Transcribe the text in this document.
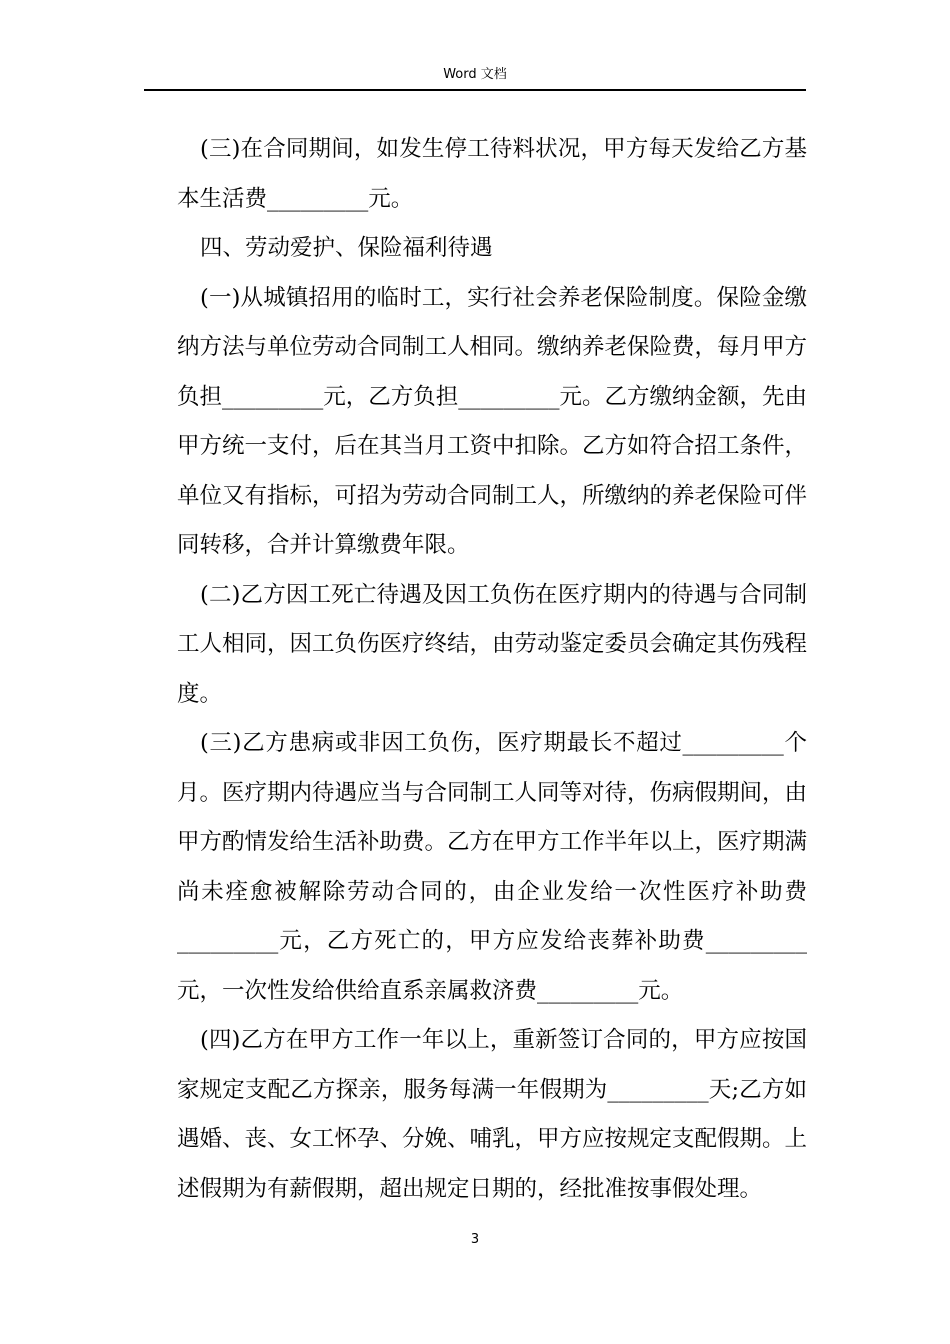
Word 文档

(三)在合同期间，如发生停工待料状况，甲方每天发给乙方基本生活费_________元。

四、劳动爱护、保险福利待遇

(一)从城镇招用的临时工，实行社会养老保险制度。保险金缴纳方法与单位劳动合同制工人相同。缴纳养老保险费，每月甲方负担_________元，乙方负担_________元。乙方缴纳金额，先由甲方统一支付，后在其当月工资中扣除。乙方如符合招工条件，单位又有指标，可招为劳动合同制工人，所缴纳的养老保险可伴同转移，合并计算缴费年限。

(二)乙方因工死亡待遇及因工负伤在医疗期内的待遇与合同制工人相同，因工负伤医疗终结，由劳动鉴定委员会确定其伤残程度。

(三)乙方患病或非因工负伤，医疗期最长不超过_________个月。医疗期内待遇应当与合同制工人同等对待，伤病假期间，由甲方酌情发给生活补助费。乙方在甲方工作半年以上，医疗期满尚未痊愈被解除劳动合同的，由企业发给一次性医疗补助费_________元，乙方死亡的，甲方应发给丧葬补助费_________元，一次性发给供给直系亲属救济费_________元。

(四)乙方在甲方工作一年以上，重新签订合同的，甲方应按国家规定支配乙方探亲，服务每满一年假期为_________天;乙方如遇婚、丧、女工怀孕、分娩、哺乳，甲方应按规定支配假期。上述假期为有薪假期，超出规定日期的，经批准按事假处理。

3
